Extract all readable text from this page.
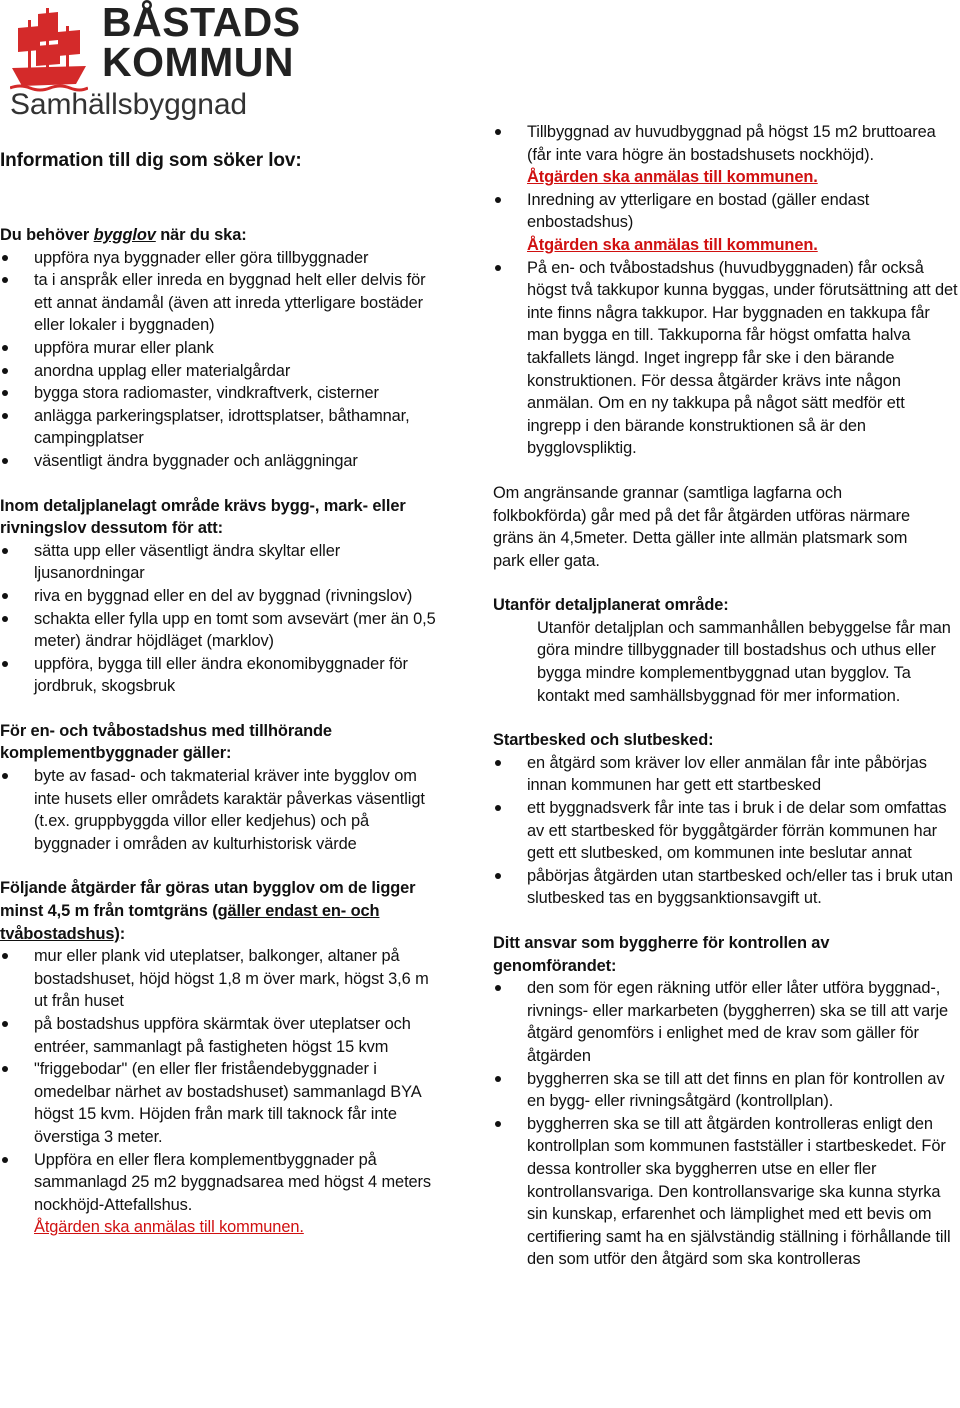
BÅSTADS
KOMMUN
Samhällsbyggnad
Information till dig som söker lov:
Du behöver bygglov när du ska:
uppföra nya byggnader eller göra tillbyggnader
ta i anspråk eller inreda en byggnad helt eller delvis för ett annat ändamål (även att inreda ytterligare bostäder eller lokaler i byggnaden)
uppföra murar eller plank
anordna upplag eller materialgårdar
bygga stora radiomaster, vindkraftverk, cisterner
anlägga parkeringsplatser, idrottsplatser, båthamnar, campingplatser
väsentligt ändra byggnader och anläggningar
Inom detaljplanelagt område krävs bygg-, mark- eller rivningslov dessutom för att:
sätta upp eller väsentligt ändra skyltar eller ljusanordningar
riva en byggnad eller en del av byggnad (rivningslov)
schakta eller fylla upp en tomt som avsevärt (mer än 0,5 meter) ändrar höjdläget (marklov)
uppföra, bygga till eller ändra ekonomibyggnader för jordbruk, skogsbruk
För en- och tvåbostadshus med tillhörande komplementbyggnader gäller:
byte av fasad- och takmaterial kräver inte bygglov om inte husets eller områdets karaktär påverkas väsentligt (t.ex. gruppbyggda villor eller kedjehus) och på byggnader i områden av kulturhistorisk värde
Följande åtgärder får göras utan bygglov om de ligger minst 4,5 m från tomtgräns (gäller endast en- och tvåbostadshus):
mur eller plank vid uteplatser, balkonger, altaner på bostadshuset, höjd högst 1,8 m över mark, högst 3,6 m ut från huset
på bostadshus uppföra skärmtak över uteplatser och entréer, sammanlagt på fastigheten högst 15 kvm
"friggebodar" (en eller fler friståendebyggnader i omedelbar närhet av bostadshuset) sammanlagd BYA högst 15 kvm. Höjden från mark till taknock får inte överstiga 3 meter.
Uppföra en eller flera komplementbyggnader på sammanlagd 25 m2 byggnadsarea med högst 4 meters nockhöjd-Attefallshus.
Åtgärden ska anmälas till kommunen.
Tillbyggnad av huvudbyggnad på högst 15 m2 bruttoarea (får inte vara högre än bostadshusets nockhöjd).
Åtgärden ska anmälas till kommunen.
Inredning av ytterligare en bostad (gäller endast enbostadshus)
Åtgärden ska anmälas till kommunen.
På en- och tvåbostadshus (huvudbyggnaden) får också högst två takkupor kunna byggas, under förutsättning att det inte finns några takkupor. Har byggnaden en takkupa får man bygga en till. Takkuporna får högst omfatta halva takfallets längd. Inget ingrepp får ske i den bärande konstruktionen. För dessa åtgärder krävs inte någon anmälan. Om en ny takkupa på något sätt medför ett ingrepp i den bärande konstruktionen så är den bygglovspliktig.
Om angränsande grannar (samtliga lagfarna och folkbokförda) går med på det får åtgärden utföras närmare gräns än 4,5meter. Detta gäller inte allmän platsmark som park eller gata.
Utanför detaljplanerat område:
Utanför detaljplan och sammanhållen bebyggelse får man göra mindre tillbyggnader till bostadshus och uthus eller bygga mindre komplementbyggnad utan bygglov. Ta kontakt med samhällsbyggnad för mer information.
Startbesked och slutbesked:
en åtgärd som kräver lov eller anmälan får inte påbörjas innan kommunen har gett ett startbesked
ett byggnadsverk får inte tas i bruk i de delar som omfattas av ett startbesked för byggåtgärder förrän kommunen har gett ett slutbesked, om kommunen inte beslutar annat
påbörjas åtgärden utan startbesked och/eller tas i bruk utan slutbesked tas en byggsanktionsavgift ut.
Ditt ansvar som byggherre för kontrollen av genomförandet:
den som för egen räkning utför eller låter utföra byggnad-, rivnings- eller markarbeten (byggherren) ska se till att varje åtgärd genomförs i enlighet med de krav som gäller för åtgärden
byggherren ska se till att det finns en plan för kontrollen av en bygg- eller rivningsåtgärd (kontrollplan).
byggherren ska se till att åtgärden kontrolleras enligt den kontrollplan som kommunen fastställer i startbeskedet. För dessa kontroller ska byggherren utse en eller fler kontrollansvariga. Den kontrollansvarige ska kunna styrka sin kunskap, erfarenhet och lämplighet med ett bevis om certifiering samt ha en självständig ställning i förhållande till den som utför den åtgärd som ska kontrolleras
